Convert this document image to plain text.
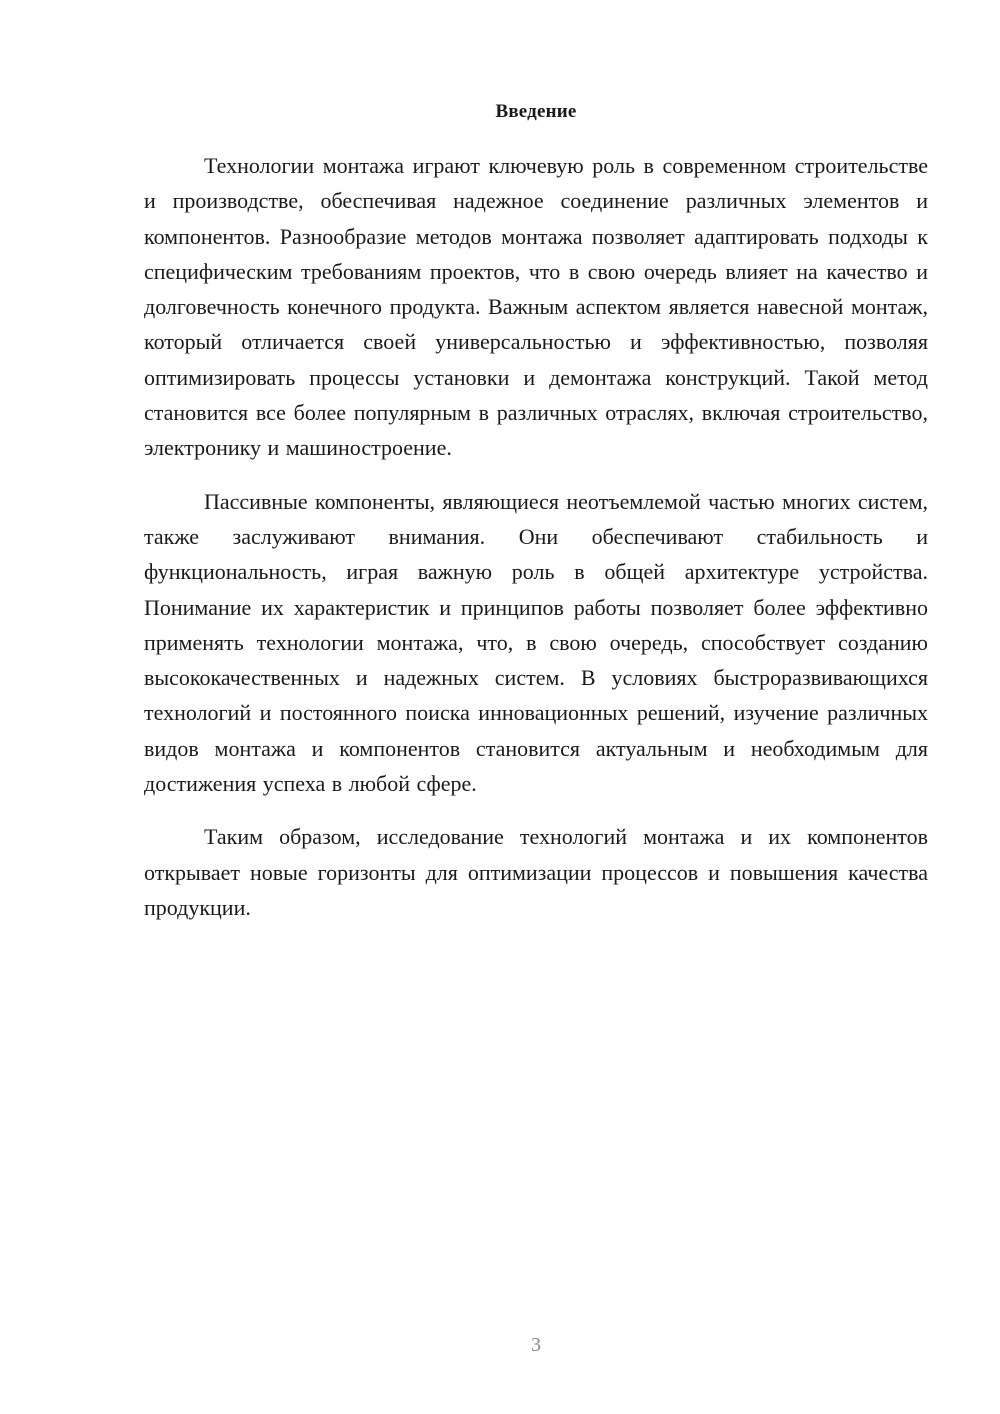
Введение

Технологии монтажа играют ключевую роль в современном строительстве и производстве, обеспечивая надежное соединение различных элементов и компонентов. Разнообразие методов монтажа позволяет адаптировать подходы к специфическим требованиям проектов, что в свою очередь влияет на качество и долговечность конечного продукта. Важным аспектом является навесной монтаж, который отличается своей универсальностью и эффективностью, позволяя оптимизировать процессы установки и демонтажа конструкций. Такой метод становится все более популярным в различных отраслях, включая строительство, электронику и машиностроение.

Пассивные компоненты, являющиеся неотъемлемой частью многих систем, также заслуживают внимания. Они обеспечивают стабильность и функциональность, играя важную роль в общей архитектуре устройства. Понимание их характеристик и принципов работы позволяет более эффективно применять технологии монтажа, что, в свою очередь, способствует созданию высококачественных и надежных систем. В условиях быстроразвивающихся технологий и постоянного поиска инновационных решений, изучение различных видов монтажа и компонентов становится актуальным и необходимым для достижения успеха в любой сфере.

Таким образом, исследование технологий монтажа и их компонентов открывает новые горизонты для оптимизации процессов и повышения качества продукции.

3
